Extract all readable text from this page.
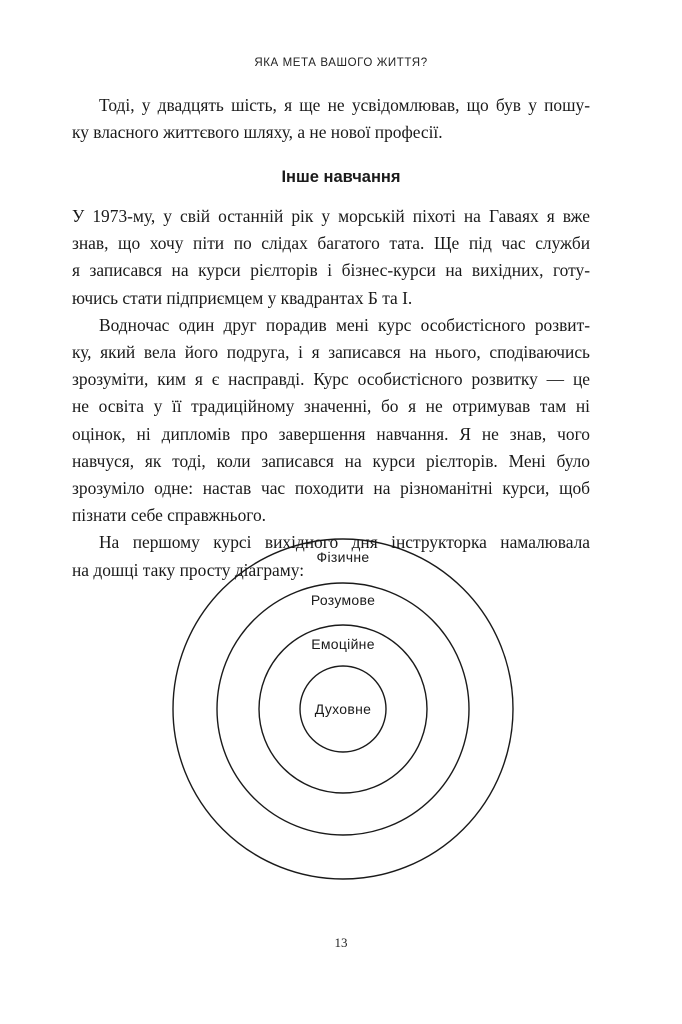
ЯКА МЕТА ВАШОГО ЖИТТЯ?
Тоді, у двадцять шість, я ще не усвідомлював, що був у пошу-
ку власного життєвого шляху, а не нової професії.
Інше навчання
У 1973-му, у свій останній рік у морській піхоті на Гаваях я вже
знав, що хочу піти по слідах багатого тата. Ще під час служби
я записався на курси рієлторів і бізнес-курси на вихідних, готу-
ючись стати підприємцем у квадрантах Б та І.
Водночас один друг порадив мені курс особистісного розвит-
ку, який вела його подруга, і я записався на нього, сподіваючись
зрозуміти, ким я є насправді. Курс особистісного розвитку — це
не освіта у її традиційному значенні, бо я не отримував там ні
оцінок, ні дипломів про завершення навчання. Я не знав, чого
навчуся, як тоді, коли записався на курси рієлторів. Мені було
зрозуміло одне: настав час походити на різноманітні курси, щоб
пізнати себе справжнього.
На першому курсі вихідного дня інструкторка намалювала
на дошці таку просту діаграму:
Фізичне
Розумове
Емоційне
Духовне
13
